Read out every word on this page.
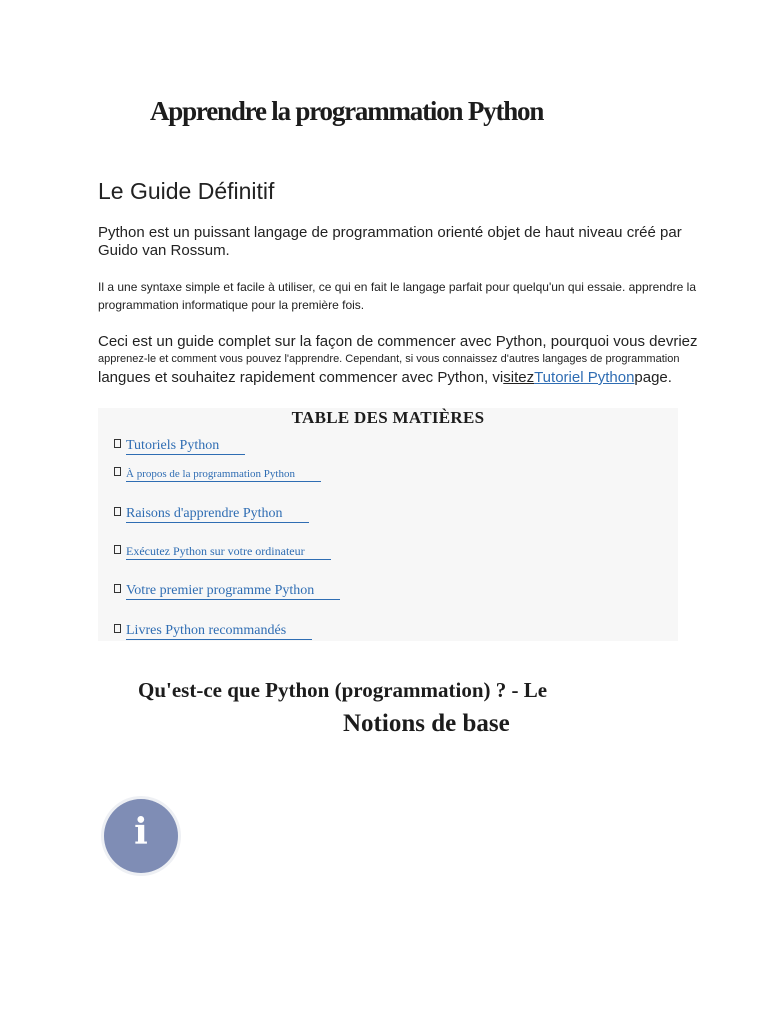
Apprendre la programmation Python
Le Guide Définitif

Python est un puissant langage de programmation orienté objet de haut niveau créé par Guido van Rossum.

Il a une syntaxe simple et facile à utiliser, ce qui en fait le langage parfait pour quelqu'un qui essaie. apprendre la programmation informatique pour la première fois.

Ceci est un guide complet sur la façon de commencer avec Python, pourquoi vous devriez
apprenez-le et comment vous pouvez l'apprendre. Cependant, si vous connaissez d'autres langages de programmation
langues et souhaitez rapidement commencer avec Python, visitezTutoriel Pythonpage.

TABLE DES MATIÈRES
Tutoriels Python
À propos de la programmation Python
Raisons d'apprendre Python
Exécutez Python sur votre ordinateur
Votre premier programme Python
Livres Python recommandés
Qu'est-ce que Python (programmation) ? - Le
Notions de base
i
